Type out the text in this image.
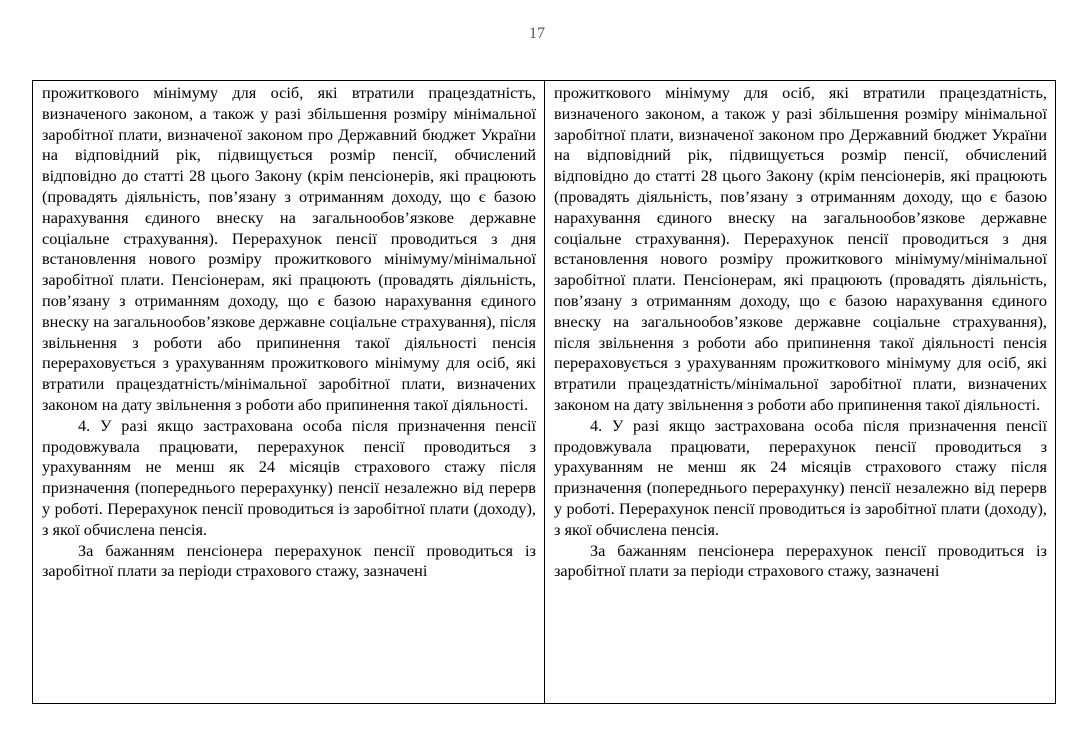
17

прожиткового мінімуму для осіб, які втратили працездатність, визначеного законом, а також у разі збільшення розміру мінімальної заробітної плати, визначеної законом про Державний бюджет України на відповідний рік, підвищується розмір пенсії, обчислений відповідно до статті 28 цього Закону (крім пенсіонерів, які працюють (провадять діяльність, пов’язану з отриманням доходу, що є базою нарахування єдиного внеску на загальнообов’язкове державне соціальне страхування). Перерахунок пенсії проводиться з дня встановлення нового розміру прожиткового мінімуму/мінімальної заробітної плати. Пенсіонерам, які працюють (провадять діяльність, пов’язану з отриманням доходу, що є базою нарахування єдиного внеску на загальнообов’язкове державне соціальне страхування), після звільнення з роботи або припинення такої діяльності пенсія перераховується з урахуванням прожиткового мінімуму для осіб, які втратили працездатність/мінімальної заробітної плати, визначених законом на дату звільнення з роботи або припинення такої діяльності.

4. У разі якщо застрахована особа після призначення пенсії продовжувала працювати, перерахунок пенсії проводиться з урахуванням не менш як 24 місяців страхового стажу після призначення (попереднього перерахунку) пенсії незалежно від перерв у роботі. Перерахунок пенсії проводиться із заробітної плати (доходу), з якої обчислена пенсія.

За бажанням пенсіонера перерахунок пенсії проводиться із заробітної плати за періоди страхового стажу, зазначені

прожиткового мінімуму для осіб, які втратили працездатність, визначеного законом, а також у разі збільшення розміру мінімальної заробітної плати, визначеної законом про Державний бюджет України на відповідний рік, підвищується розмір пенсії, обчислений відповідно до статті 28 цього Закону (крім пенсіонерів, які працюють (провадять діяльність, пов’язану з отриманням доходу, що є базою нарахування єдиного внеску на загальнообов’язкове державне соціальне страхування). Перерахунок пенсії проводиться з дня встановлення нового розміру прожиткового мінімуму/мінімальної заробітної плати. Пенсіонерам, які працюють (провадять діяльність, пов’язану з отриманням доходу, що є базою нарахування єдиного внеску на загальнообов’язкове державне соціальне страхування), після звільнення з роботи або припинення такої діяльності пенсія перераховується з урахуванням прожиткового мінімуму для осіб, які втратили працездатність/мінімальної заробітної плати, визначених законом на дату звільнення з роботи або припинення такої діяльності.

4. У разі якщо застрахована особа після призначення пенсії продовжувала працювати, перерахунок пенсії проводиться з урахуванням не менш як 24 місяців страхового стажу після призначення (попереднього перерахунку) пенсії незалежно від перерв у роботі. Перерахунок пенсії проводиться із заробітної плати (доходу), з якої обчислена пенсія.

За бажанням пенсіонера перерахунок пенсії проводиться із заробітної плати за періоди страхового стажу, зазначені
